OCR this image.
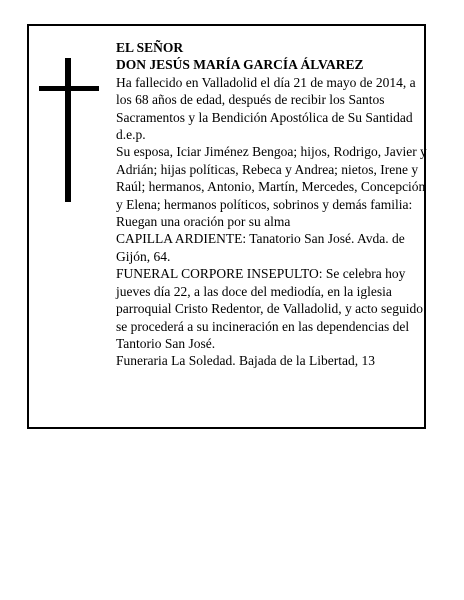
EL SEÑOR

DON JESÚS MARÍA GARCÍA ÁLVAREZ

Ha fallecido en Valladolid el día 21 de mayo de 2014, a los 68 años de edad, después de recibir los Santos Sacramentos y la Bendición Apostólica de Su Santidad

d.e.p.

Su esposa, Iciar Jiménez Bengoa; hijos, Rodrigo, Javier y Adrián; hijas políticas, Rebeca y Andrea; nietos, Irene y Raúl; hermanos, Antonio, Martín, Mercedes, Concepción y Elena; hermanos políticos, sobrinos y demás familia:

Ruegan una oración por su alma

CAPILLA ARDIENTE: Tanatorio San José. Avda. de Gijón, 64.

FUNERAL CORPORE INSEPULTO: Se celebra hoy jueves día 22, a las doce del mediodía, en la iglesia parroquial Cristo Redentor, de Valladolid, y acto seguido se procederá a su incineración en las dependencias del Tantorio San José.

Funeraria La Soledad. Bajada de la Libertad, 13
